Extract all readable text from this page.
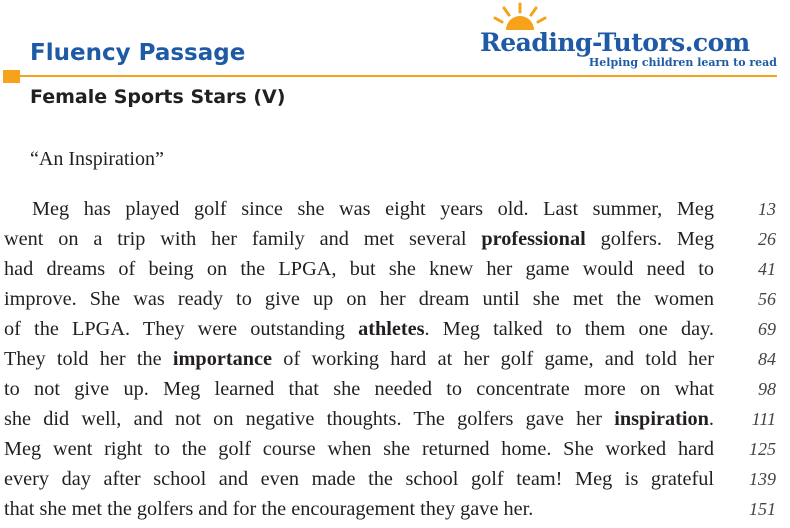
Fluency Passage	Reading-Tutors.com
Helping children learn to read
Female Sports Stars (V)
“An Inspiration”
Meg has played golf since she was eight years old. Last summer, Meg 13
went on a trip with her family and met several professional golfers. Meg 26
had dreams of being on the LPGA, but she knew her game would need to 41
improve. She was ready to give up on her dream until she met the women 56
of the LPGA. They were outstanding athletes. Meg talked to them one day. 69
They told her the importance of working hard at her golf game, and told her 84
to not give up. Meg learned that she needed to concentrate more on what 98
she did well, and not on negative thoughts. The golfers gave her inspiration. 111
Meg went right to the golf course when she returned home. She worked hard 125
every day after school and even made the school golf team! Meg is grateful 139
that she met the golfers and for the encouragement they gave her.	151
